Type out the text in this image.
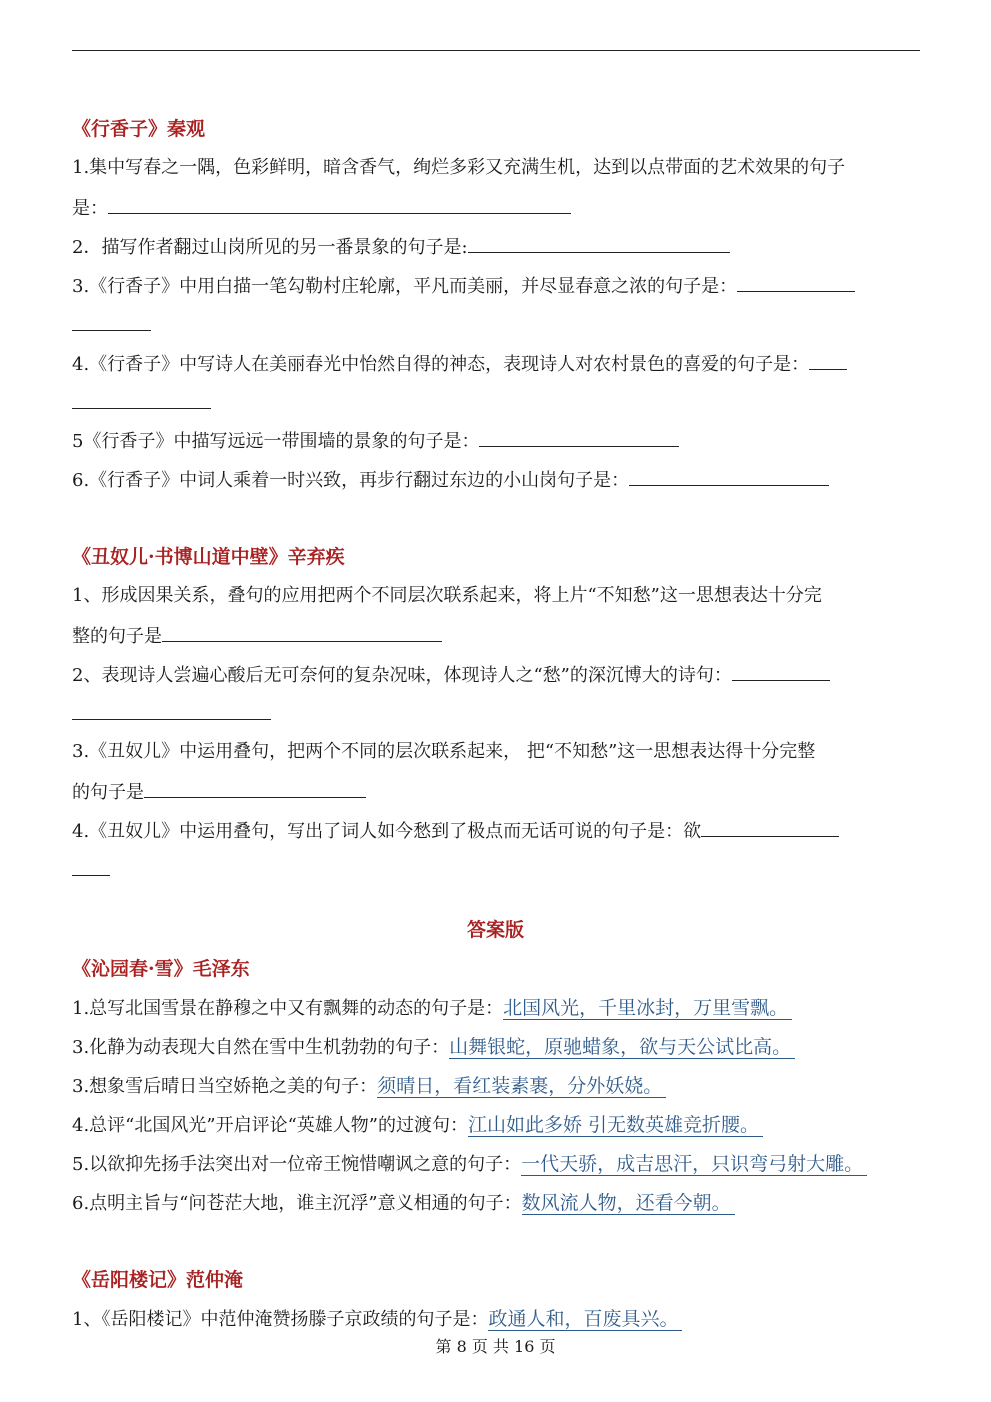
《行香子》秦观
1.集中写春之一隅，色彩鲜明，暗含香气，绚烂多彩又充满生机，达到以点带面的艺术效果的句子
是：
2．描写作者翻过山岗所见的另一番景象的句子是:
3.《行香子》中用白描一笔勾勒村庄轮廓，平凡而美丽，并尽显春意之浓的句子是：
4.《行香子》中写诗人在美丽春光中怡然自得的神态，表现诗人对农村景色的喜爱的句子是：
5《行香子》中描写远远一带围墙的景象的句子是：
6.《行香子》中词人乘着一时兴致，再步行翻过东边的小山岗句子是：
《丑奴儿·书博山道中壁》辛弃疾
1、形成因果关系，叠句的应用把两个不同层次联系起来，将上片“不知愁”这一思想表达十分完
整的句子是
2、表现诗人尝遍心酸后无可奈何的复杂况味，体现诗人之“愁”的深沉博大的诗句：
3.《丑奴儿》中运用叠句，把两个不同的层次联系起来， 把“不知愁”这一思想表达得十分完整
的句子是
4.《丑奴儿》中运用叠句，写出了词人如今愁到了极点而无话可说的句子是：欲
答案版
《沁园春·雪》毛泽东
1.总写北国雪景在静穆之中又有飘舞的动态的句子是：北国风光，千里冰封，万里雪飘。
3.化静为动表现大自然在雪中生机勃勃的句子：山舞银蛇，原驰蜡象，欲与天公试比高。
3.想象雪后晴日当空娇艳之美的句子：须晴日，看红装素裹，分外妖娆。
4.总评“北国风光”开启评论“英雄人物”的过渡句：江山如此多娇 引无数英雄竞折腰。
5.以欲抑先扬手法突出对一位帝王惋惜嘲讽之意的句子：一代天骄，成吉思汗，只识弯弓射大雕。
6.点明主旨与“问苍茫大地，谁主沉浮”意义相通的句子：数风流人物，还看今朝。
《岳阳楼记》范仲淹
1、《岳阳楼记》中范仲淹赞扬滕子京政绩的句子是：政通人和，百废具兴。
第 8 页 共 16 页
